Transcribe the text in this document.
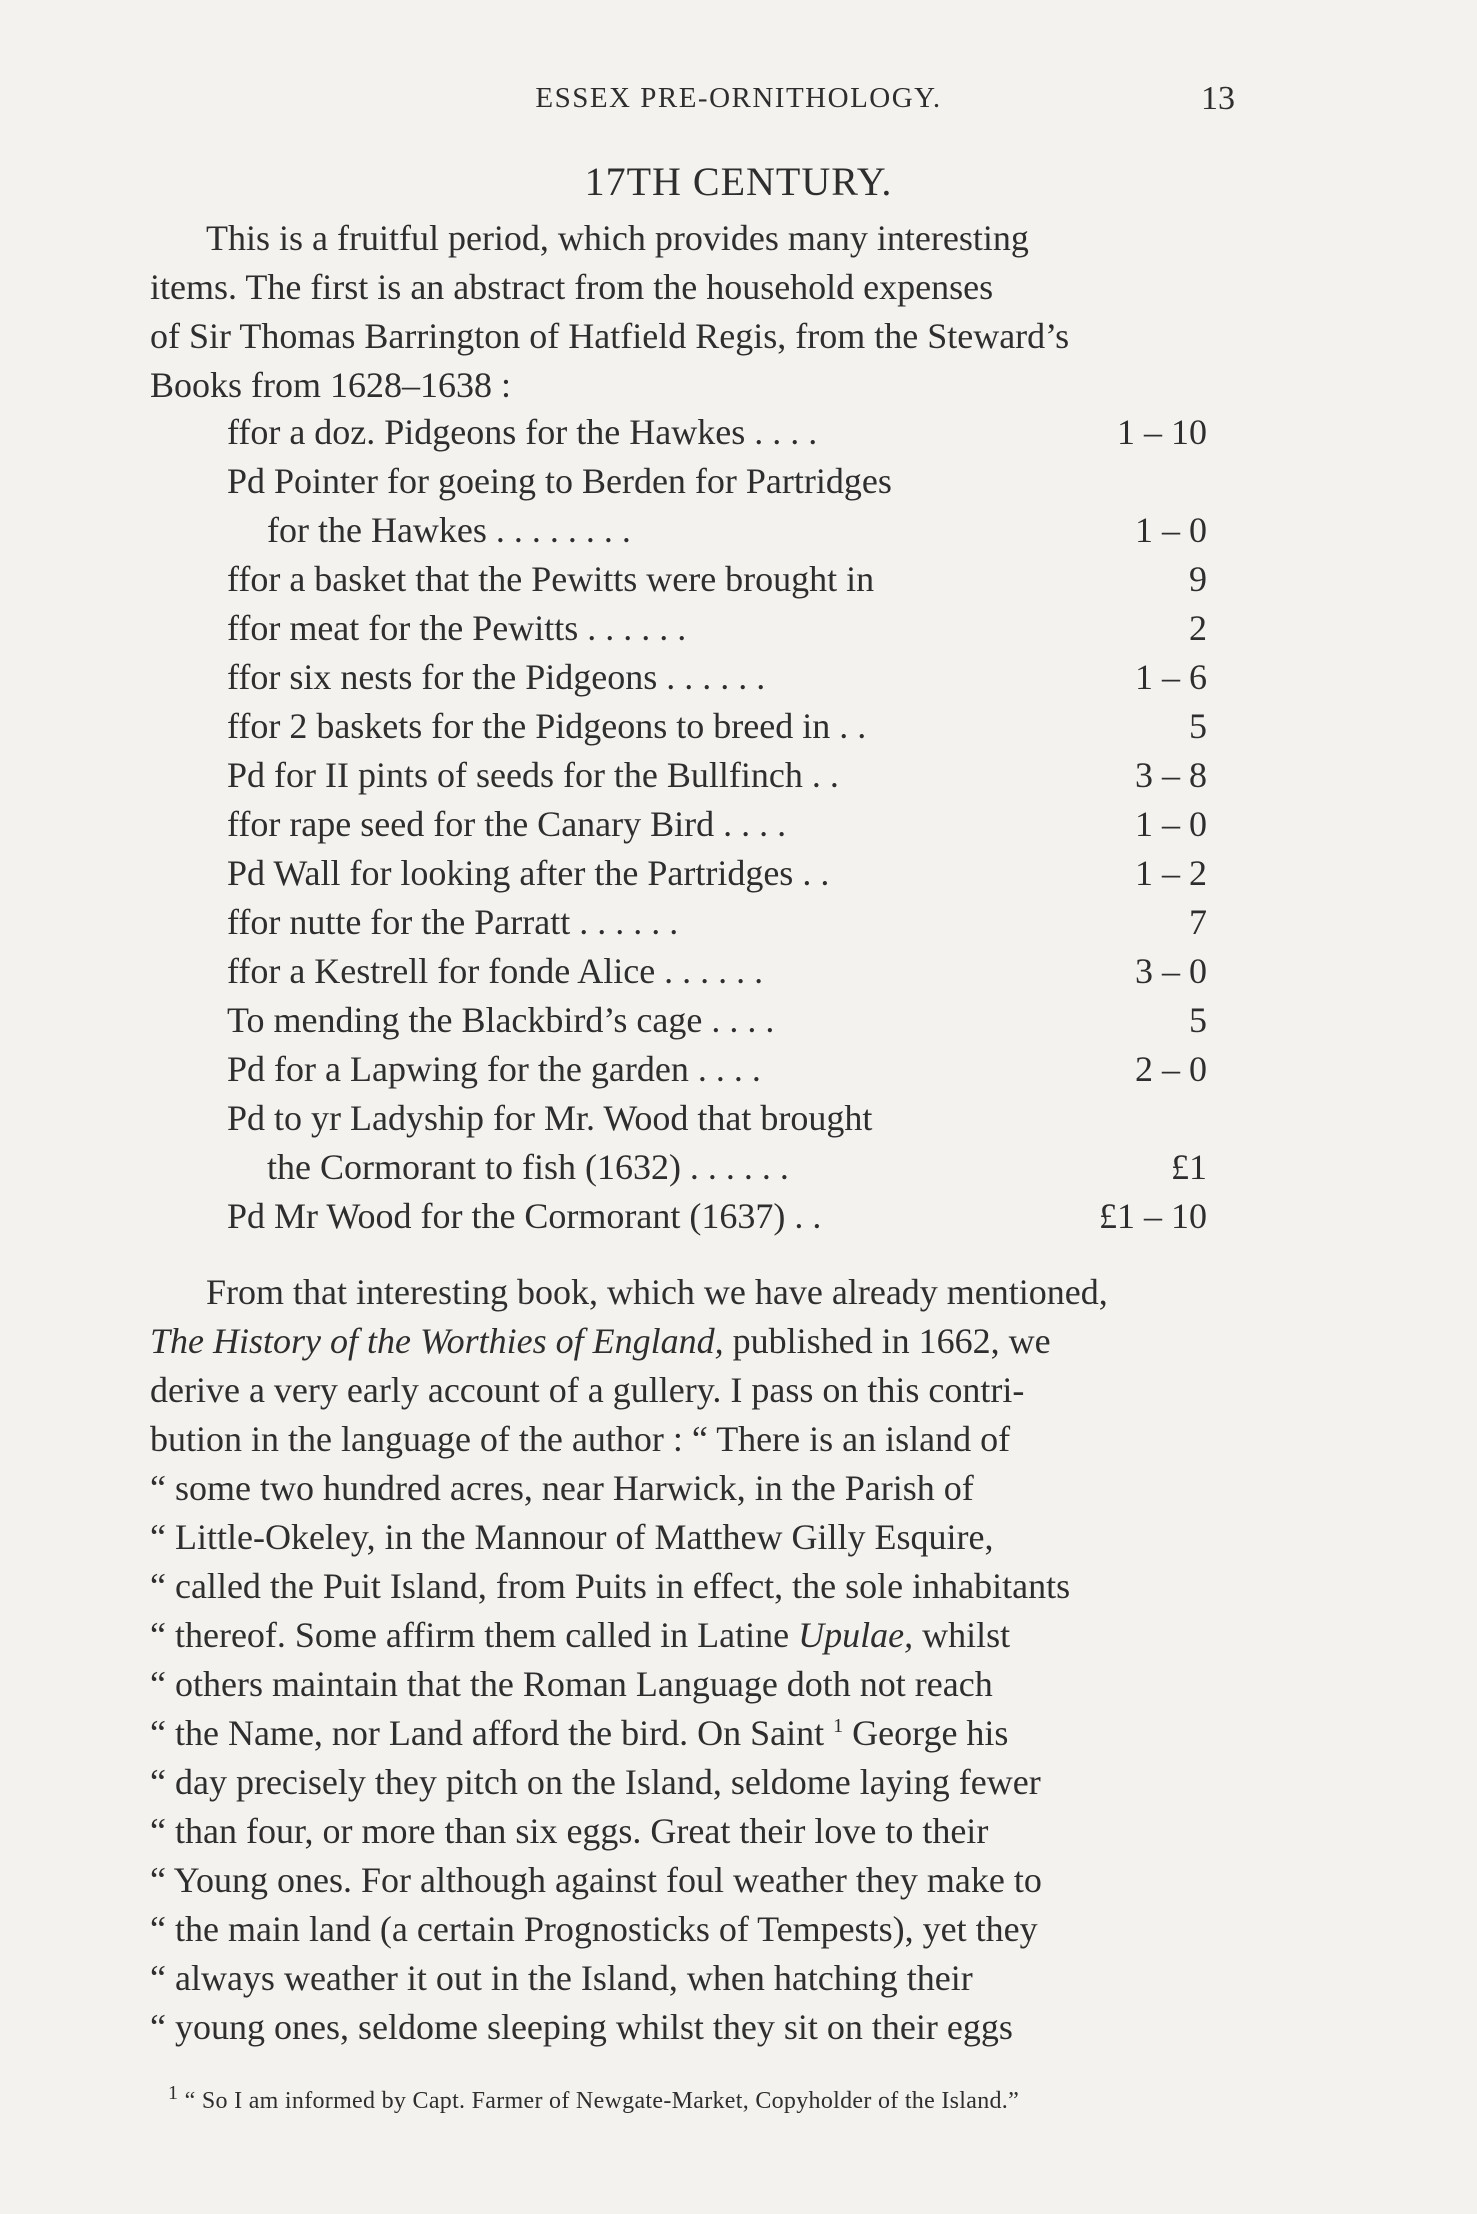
ESSEX PRE-ORNITHOLOGY.	13
17TH CENTURY.
This is a fruitful period, which provides many interesting
items. The first is an abstract from the household expenses
of Sir Thomas Barrington of Hatfield Regis, from the Steward’s
Books from 1628–1638 :
ffor a doz. Pidgeons for the Hawkes . . . .	1 – 10
Pd Pointer for goeing to Berden for Partridges
for the Hawkes . . . . . . . .	1 – 0
ffor a basket that the Pewitts were brought in	9
ffor meat for the Pewitts . . . . . .	2
ffor six nests for the Pidgeons . . . . . .	1 – 6
ffor 2 baskets for the Pidgeons to breed in . .	5
Pd for II pints of seeds for the Bullfinch . .	3 – 8
ffor rape seed for the Canary Bird . . . .	1 – 0
Pd Wall for looking after the Partridges . .	1 – 2
ffor nutte for the Parratt . . . . . .	7
ffor a Kestrell for fonde Alice . . . . . .	3 – 0
To mending the Blackbird’s cage . . . .	5
Pd for a Lapwing for the garden . . . .	2 – 0
Pd to yr Ladyship for Mr. Wood that brought
the Cormorant to fish (1632) . . . . . .	£1
Pd Mr Wood for the Cormorant (1637) . .	£1 – 10
From that interesting book, which we have already mentioned,
The History of the Worthies of England, published in 1662, we
derive a very early account of a gullery. I pass on this contri-
bution in the language of the author : “ There is an island of
“ some two hundred acres, near Harwick, in the Parish of
“ Little-Okeley, in the Mannour of Matthew Gilly Esquire,
“ called the Puit Island, from Puits in effect, the sole inhabitants
“ thereof. Some affirm them called in Latine Upulae, whilst
“ others maintain that the Roman Language doth not reach
“ the Name, nor Land afford the bird. On Saint $^1$ George his
“ day precisely they pitch on the Island, seldome laying fewer
“ than four, or more than six eggs. Great their love to their
“ Young ones. For although against foul weather they make to
“ the main land (a certain Prognosticks of Tempests), yet they
“ always weather it out in the Island, when hatching their
“ young ones, seldome sleeping whilst they sit on their eggs
$^1$ “ So I am informed by Capt. Farmer of Newgate-Market, Copyholder of the Island.”
